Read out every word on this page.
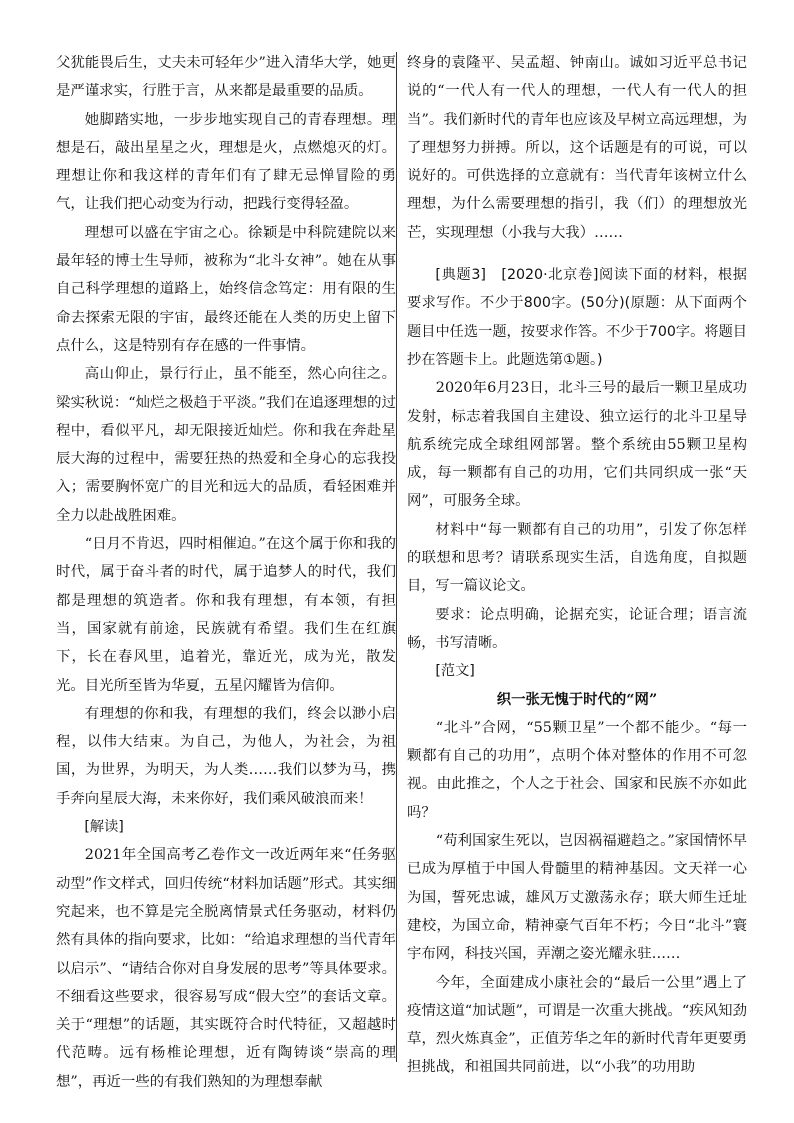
父犹能畏后生，丈夫未可轻年少”进入清华大学，她更是严谨求实，行胜于言，从来都是最重要的品质。

她脚踏实地，一步步地实现自己的青春理想。理想是石，敲出星星之火，理想是火，点燃熄灭的灯。理想让你和我这样的青年们有了肆无忌惮冒险的勇气，让我们把心动变为行动，把践行变得轻盈。

理想可以盛在宇宙之心。徐颖是中科院建院以来最年轻的博士生导师，被称为“北斗女神”。她在从事自己科学理想的道路上，始终信念笃定：用有限的生命去探索无限的宇宙，最终还能在人类的历史上留下点什么，这是特别有存在感的一件事情。

高山仰止，景行行止，虽不能至，然心向往之。梁实秋说：“灿烂之极趋于平淡。”我们在追逐理想的过程中，看似平凡，却无限接近灿烂。你和我在奔赴星辰大海的过程中，需要狂热的热爱和全身心的忘我投入；需要胸怀宽广的目光和远大的品质，看轻困难并全力以赴战胜困难。

“日月不肯迟，四时相催迫。”在这个属于你和我的时代，属于奋斗者的时代，属于追梦人的时代，我们都是理想的筑造者。你和我有理想，有本领，有担当，国家就有前途，民族就有希望。我们生在红旗下，长在春风里，追着光，靠近光，成为光，散发光。目光所至皆为华夏，五星闪耀皆为信仰。

有理想的你和我，有理想的我们，终会以渺小启程，以伟大结束。为自己，为他人，为社会，为祖国，为世界，为明天，为人类……我们以梦为马，携手奔向星辰大海，未来你好，我们乘风破浪而来！

[解读]

2021年全国高考乙卷作文一改近两年来“任务驱动型”作文样式，回归传统“材料加话题”形式。其实细究起来，也不算是完全脱离情景式任务驱动，材料仍然有具体的指向要求，比如：“给追求理想的当代青年以启示”、“请结合你对自身发展的思考”等具体要求。不细看这些要求，很容易写成“假大空”的套话文章。关于“理想”的话题，其实既符合时代特征，又超越时代范畴。远有杨椎论理想，近有陶铸谈“崇高的理想”，再近一些的有我们熟知的为理想奉献

终身的袁隆平、吴孟超、钟南山。诚如习近平总书记说的“一代人有一代人的理想，一代人有一代人的担当”。我们新时代的青年也应该及早树立高远理想，为了理想努力拼搏。所以，这个话题是有的可说，可以说好的。可供选择的立意就有：当代青年该树立什么理想，为什么需要理想的指引，我（们）的理想放光芒，实现理想（小我与大我）……

[典题3]　[2020·北京卷]阅读下面的材料，根据要求写作。不少于800字。(50分)(原题：从下面两个题目中任选一题，按要求作答。不少于700字。将题目抄在答题卡上。此题选第①题。)

2020年6月23日，北斗三号的最后一颗卫星成功发射，标志着我国自主建设、独立运行的北斗卫星导航系统完成全球组网部署。整个系统由55颗卫星构成，每一颗都有自己的功用，它们共同织成一张“天网”，可服务全球。

材料中“每一颗都有自己的功用”，引发了你怎样的联想和思考？请联系现实生活，自选角度，自拟题目，写一篇议论文。

要求：论点明确，论据充实，论证合理；语言流畅，书写清晰。

[范文]

织一张无愧于时代的“网”

“北斗”合网，“55颗卫星”一个都不能少。“每一颗都有自己的功用”，点明个体对整体的作用不可忽视。由此推之，个人之于社会、国家和民族不亦如此吗？

“苟利国家生死以，岂因祸福避趋之。”家国情怀早已成为厚植于中国人骨髓里的精神基因。文天祥一心为国，誓死忠诚，雄风万丈激荡永存；联大师生迁址建校，为国立命，精神豪气百年不朽；今日“北斗”寰宇布网，科技兴国，弄潮之姿光耀永驻……

今年，全面建成小康社会的“最后一公里”遇上了疫情这道“加试题”，可谓是一次重大挑战。“疾风知劲草，烈火炼真金”，正值芳华之年的新时代青年更要勇担挑战，和祖国共同前进，以“小我”的功用助
